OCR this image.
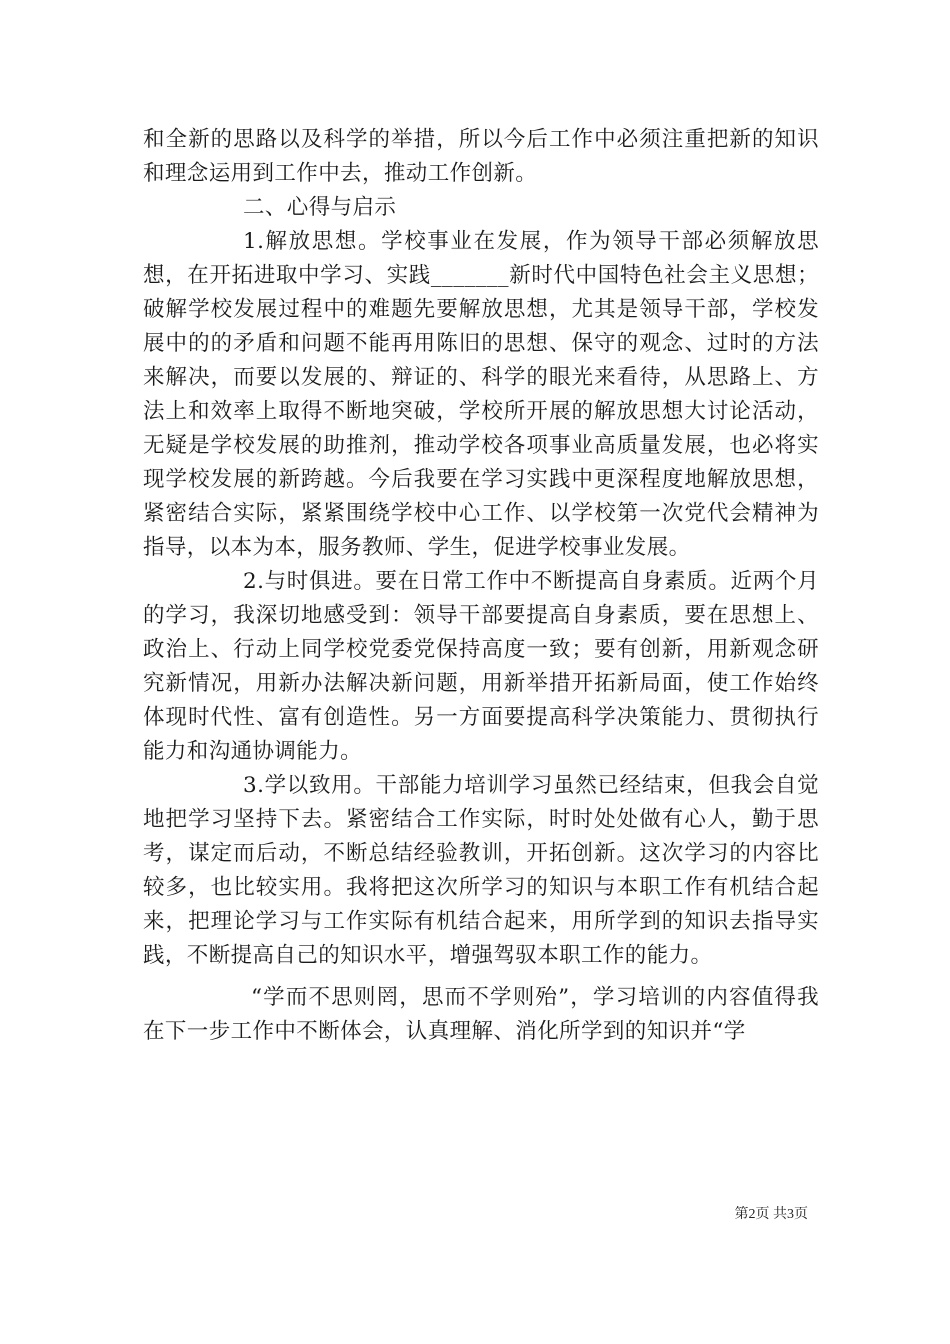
和全新的思路以及科学的举措，所以今后工作中必须注重把新的知识和理念运用到工作中去，推动工作创新。

二、心得与启示

1.解放思想。学校事业在发展，作为领导干部必须解放思想，在开拓进取中学习、实践_______新时代中国特色社会主义思想；破解学校发展过程中的难题先要解放思想，尤其是领导干部，学校发展中的的矛盾和问题不能再用陈旧的思想、保守的观念、过时的方法来解决，而要以发展的、辩证的、科学的眼光来看待，从思路上、方法上和效率上取得不断地突破，学校所开展的解放思想大讨论活动，无疑是学校发展的助推剂，推动学校各项事业高质量发展，也必将实现学校发展的新跨越。今后我要在学习实践中更深程度地解放思想，紧密结合实际，紧紧围绕学校中心工作、以学校第一次党代会精神为指导，以本为本，服务教师、学生，促进学校事业发展。

2.与时俱进。要在日常工作中不断提高自身素质。近两个月的学习，我深切地感受到：领导干部要提高自身素质，要在思想上、政治上、行动上同学校党委党保持高度一致；要有创新，用新观念研究新情况，用新办法解决新问题，用新举措开拓新局面，使工作始终体现时代性、富有创造性。另一方面要提高科学决策能力、贯彻执行能力和沟通协调能力。

3.学以致用。干部能力培训学习虽然已经结束，但我会自觉地把学习坚持下去。紧密结合工作实际，时时处处做有心人，勤于思考，谋定而后动，不断总结经验教训，开拓创新。这次学习的内容比较多，也比较实用。我将把这次所学习的知识与本职工作有机结合起来，把理论学习与工作实际有机结合起来，用所学到的知识去指导实践，不断提高自己的知识水平，增强驾驭本职工作的能力。

“学而不思则罔，思而不学则殆”，学习培训的内容值得我在下一步工作中不断体会，认真理解、消化所学到的知识并“学

第2页 共3页
